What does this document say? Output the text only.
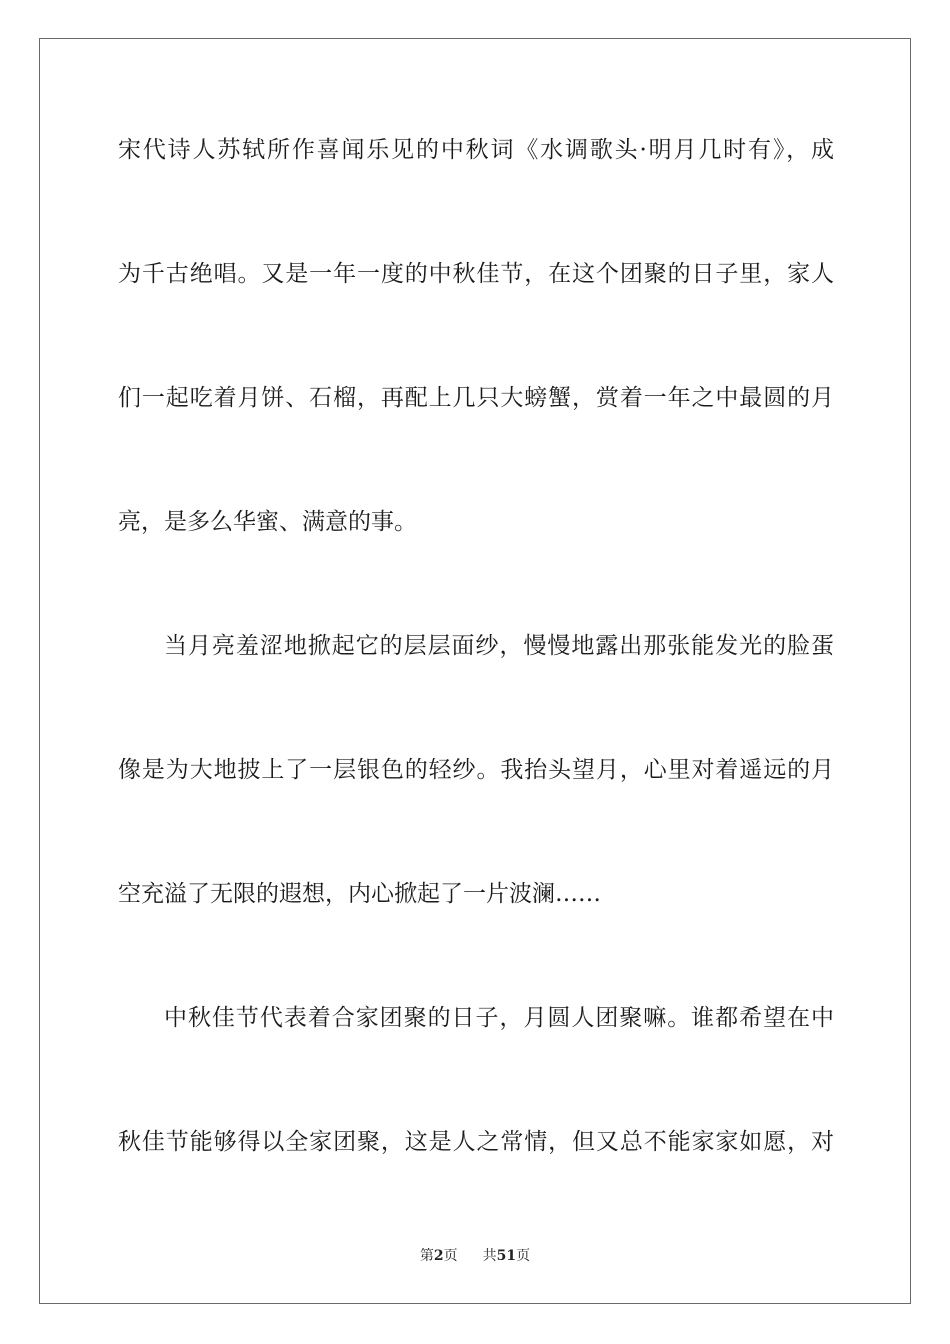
宋代诗人苏轼所作喜闻乐见的中秋词《水调歌头·明月几时有》，成
为千古绝唱。又是一年一度的中秋佳节，在这个团聚的日子里，家人
们一起吃着月饼、石榴，再配上几只大螃蟹，赏着一年之中最圆的月
亮，是多么华蜜、满意的事。
当月亮羞涩地掀起它的层层面纱，慢慢地露出那张能发光的脸蛋
像是为大地披上了一层银色的轻纱。我抬头望月，心里对着遥远的月
空充溢了无限的遐想，内心掀起了一片波澜……
中秋佳节代表着合家团聚的日子，月圆人团聚嘛。谁都希望在中
秋佳节能够得以全家团聚，这是人之常情，但又总不能家家如愿，对
第2页 共51页
